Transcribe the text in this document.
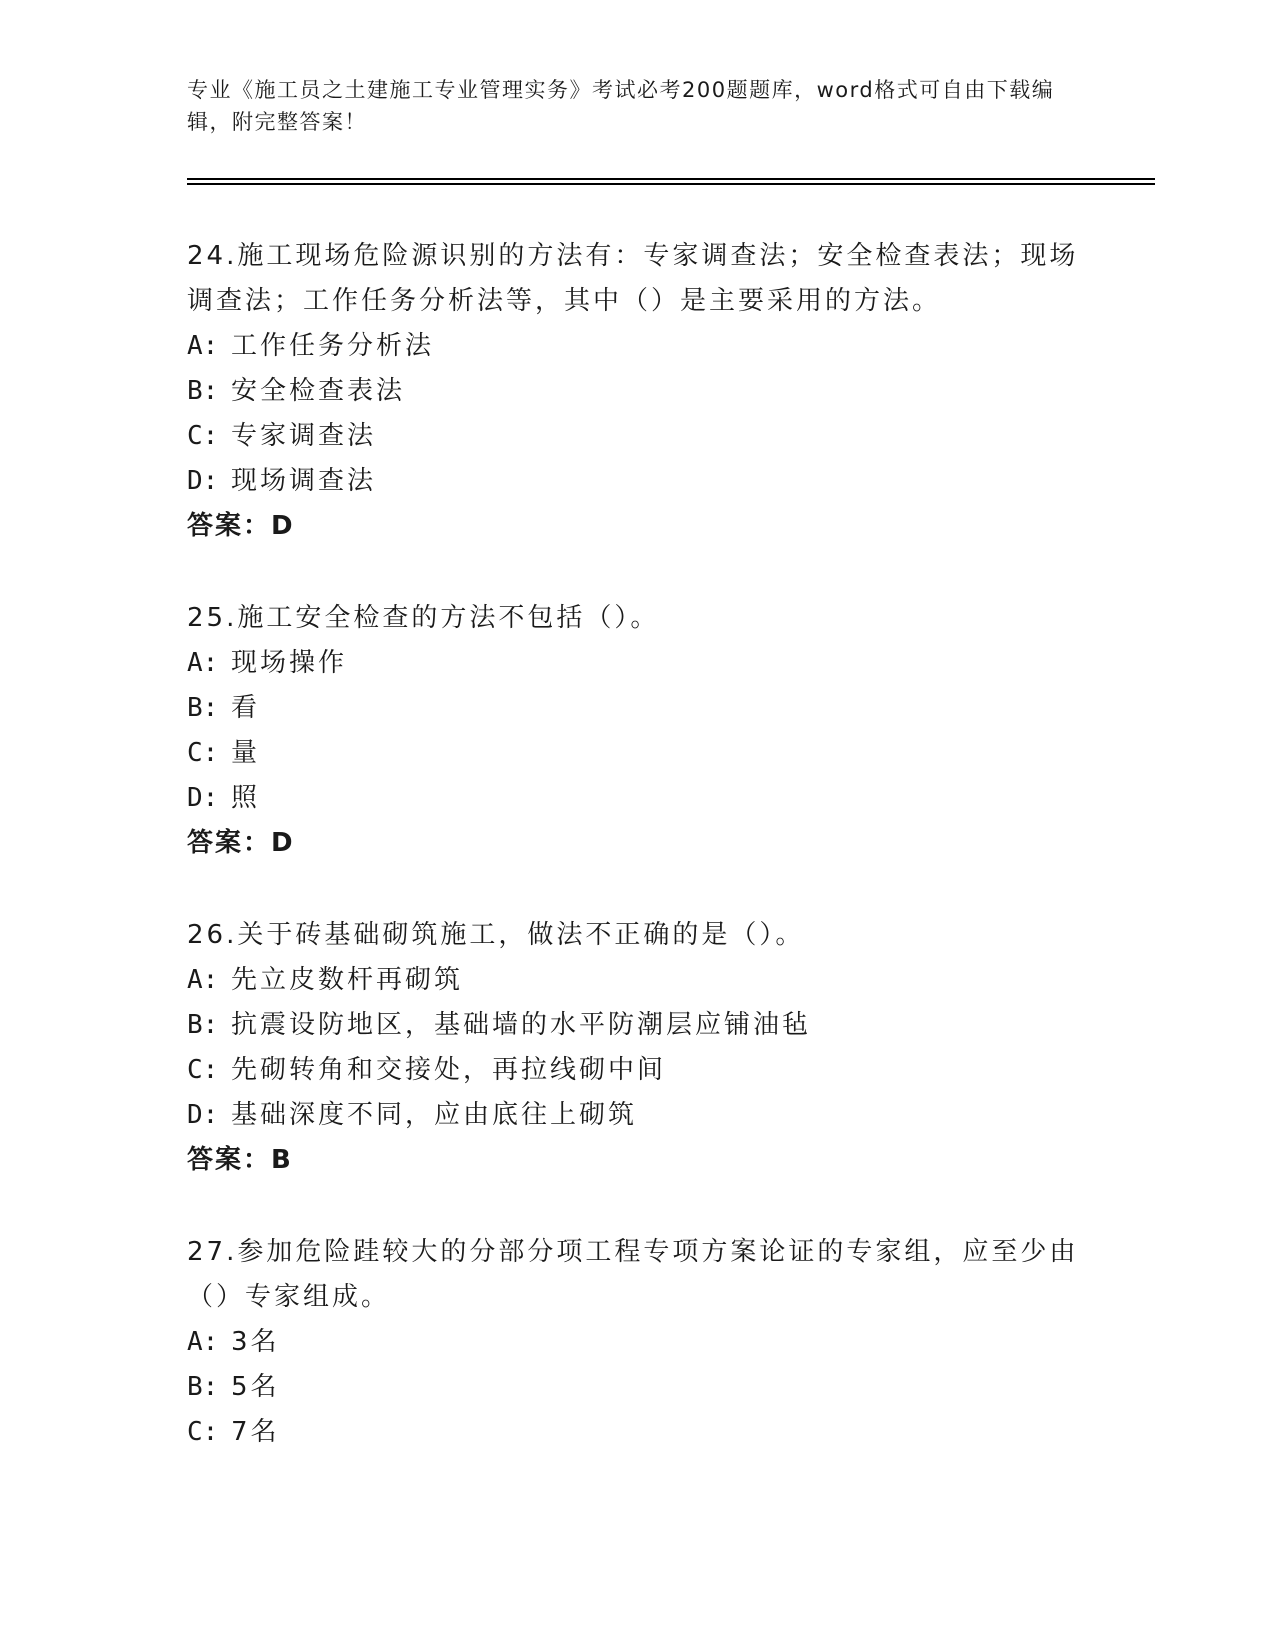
专业《施工员之土建施工专业管理实务》考试必考200题题库，word格式可自由下载编辑，附完整答案！

24.施工现场危险源识别的方法有：专家调查法；安全检查表法；现场调查法；工作任务分析法等，其中（）是主要采用的方法。

A: 工作任务分析法
B: 安全检查表法
C: 专家调查法
D: 现场调查法
答案：D

25.施工安全检查的方法不包括（）。

A: 现场操作
B: 看
C: 量
D: 照
答案：D

26.关于砖基础砌筑施工，做法不正确的是（）。

A: 先立皮数杆再砌筑
B: 抗震设防地区，基础墙的水平防潮层应铺油毡
C: 先砌转角和交接处，再拉线砌中间
D: 基础深度不同，应由底往上砌筑
答案：B

27.参加危险跬较大的分部分项工程专项方案论证的专家组，应至少由（）专家组成。

A: 3名
B: 5名
C: 7名
